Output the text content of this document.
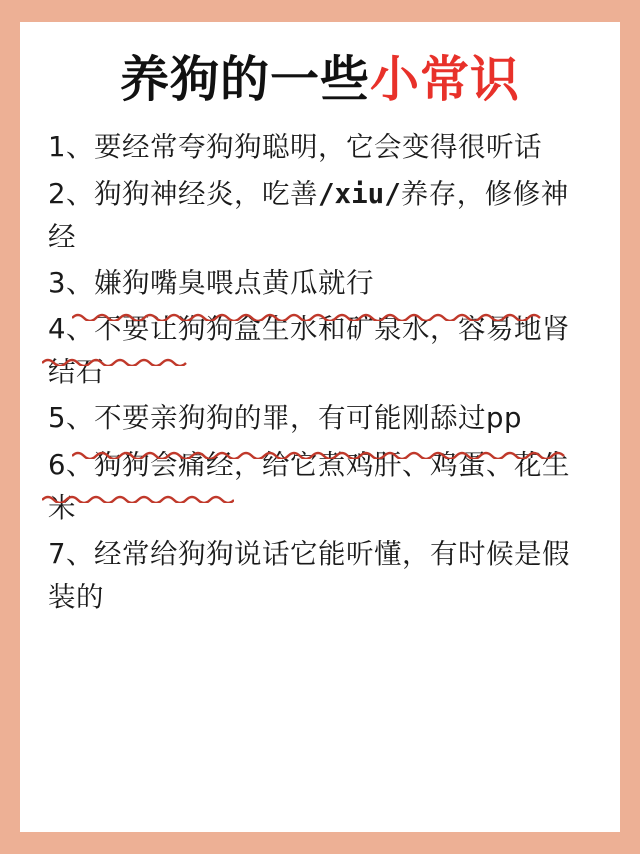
养狗的一些小常识

1、要经常夸狗狗聪明，它会变得很听话

2、狗狗神经炎，吃善/xiu/养存，修修神经

3、嫌狗嘴臭喂点黄瓜就行

4、不要让狗狗盒生水和矿泉水，容易地肾结石

5、不要亲狗狗的罪，有可能刚舔过pp

6、狗狗会痛经，给它煮鸡肝、鸡蛋、花生米

7、经常给狗狗说话它能听懂，有时候是假装的
